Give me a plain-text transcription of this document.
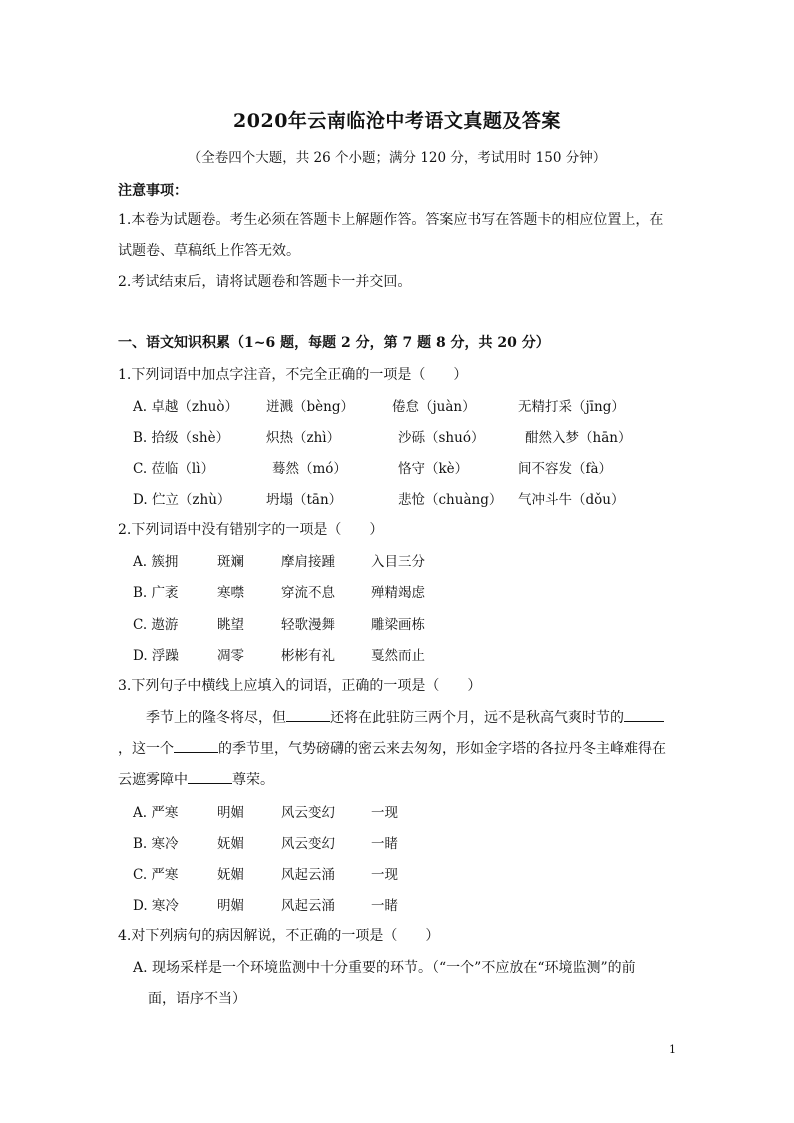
2020年云南临沧中考语文真题及答案
（全卷四个大题，共 26 个小题；满分 120 分，考试用时 150 分钟）
注意事项：
1.本卷为试题卷。考生必须在答题卡上解题作答。答案应书写在答题卡的相应位置上，在
试题卷、草稿纸上作答无效。
2.考试结束后，请将试题卷和答题卡一并交回。
一、语文知识积累（1~6 题，每题 2 分，第 7 题 8 分，共 20 分）
1.下列词语中加点字注音，不完全正确的一项是（　　）
A. 卓越（zhuò） 迸溅（bèng）	倦怠（juàn）	无精打采（jīng）
B. 拾级（shè）	炽热（zhì）	沙砾（shuó）	酣然入梦（hān）
C. 莅临（lì）	蓦然（mó）	恪守（kè）	间不容发（fà）
D. 伫立（zhù）	坍塌（tān）	悲怆（chuàng） 气冲斗牛（dǒu）
2.下列词语中没有错别字的一项是（　　）
A. 簇拥	斑斓	摩肩接踵	入目三分
B. 广袤	寒噤	穿流不息	殚精竭虑
C. 遨游	眺望	轻歌漫舞	雕梁画栋
D. 浮躁	凋零	彬彬有礼	戛然而止
3.下列句子中横线上应填入的词语，正确的一项是（　　）
季节上的隆冬将尽，但	还将在此驻防三两个月，远不是秋高气爽时节的
，这一个	的季节里，气势磅礴的密云来去匆匆，形如金字塔的各拉丹冬主峰难得在
云遮雾障中	尊荣。
A. 严寒	明媚	风云变幻	一现
B. 寒冷	妩媚	风云变幻	一睹
C. 严寒	妩媚	风起云涌	一现
D. 寒冷	明媚	风起云涌	一睹
4.对下列病句的病因解说，不正确的一项是（　　）
A. 现场采样是一个环境监测中十分重要的环节。（“一个”不应放在“环境监测”的前
面，语序不当）
1
